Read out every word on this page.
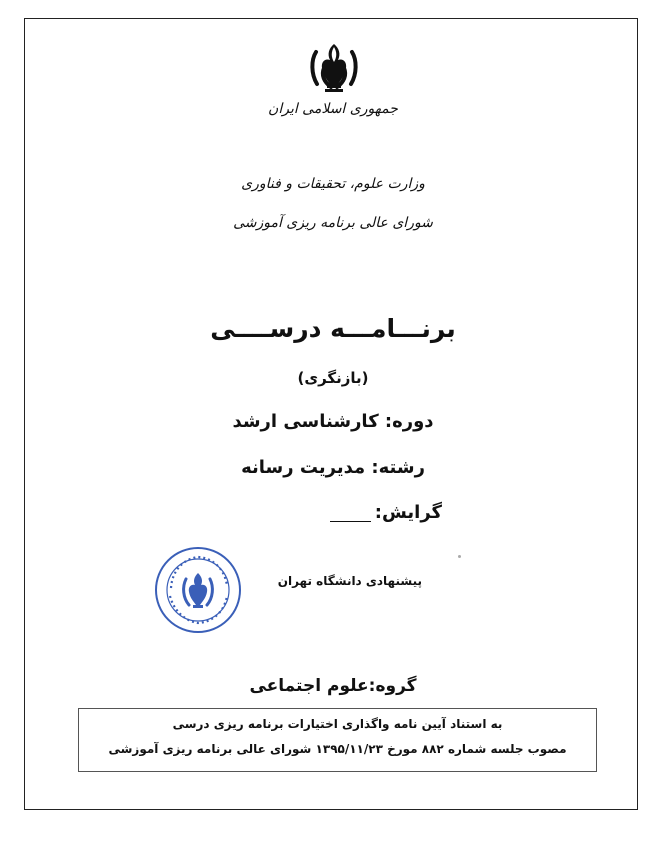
جمهوری اسلامی ایران
وزارت علوم، تحقیقات و فناوری
شورای عالی برنامه ریزی آموزشی
برنـــامـــه درســــی
(بازنگری)
دوره: کارشناسی ارشد
رشته: مدیریت رسانه
گرایش:
پیشنهادی دانشگاه تهران
گروه:علوم اجتماعی
به استناد آیین نامه واگذاری اختیارات برنامه ریزی درسی
مصوب جلسه شماره ۸۸۲ مورخ ۱۳۹۵/۱۱/۲۳ شورای عالی برنامه ریزی آموزشی
